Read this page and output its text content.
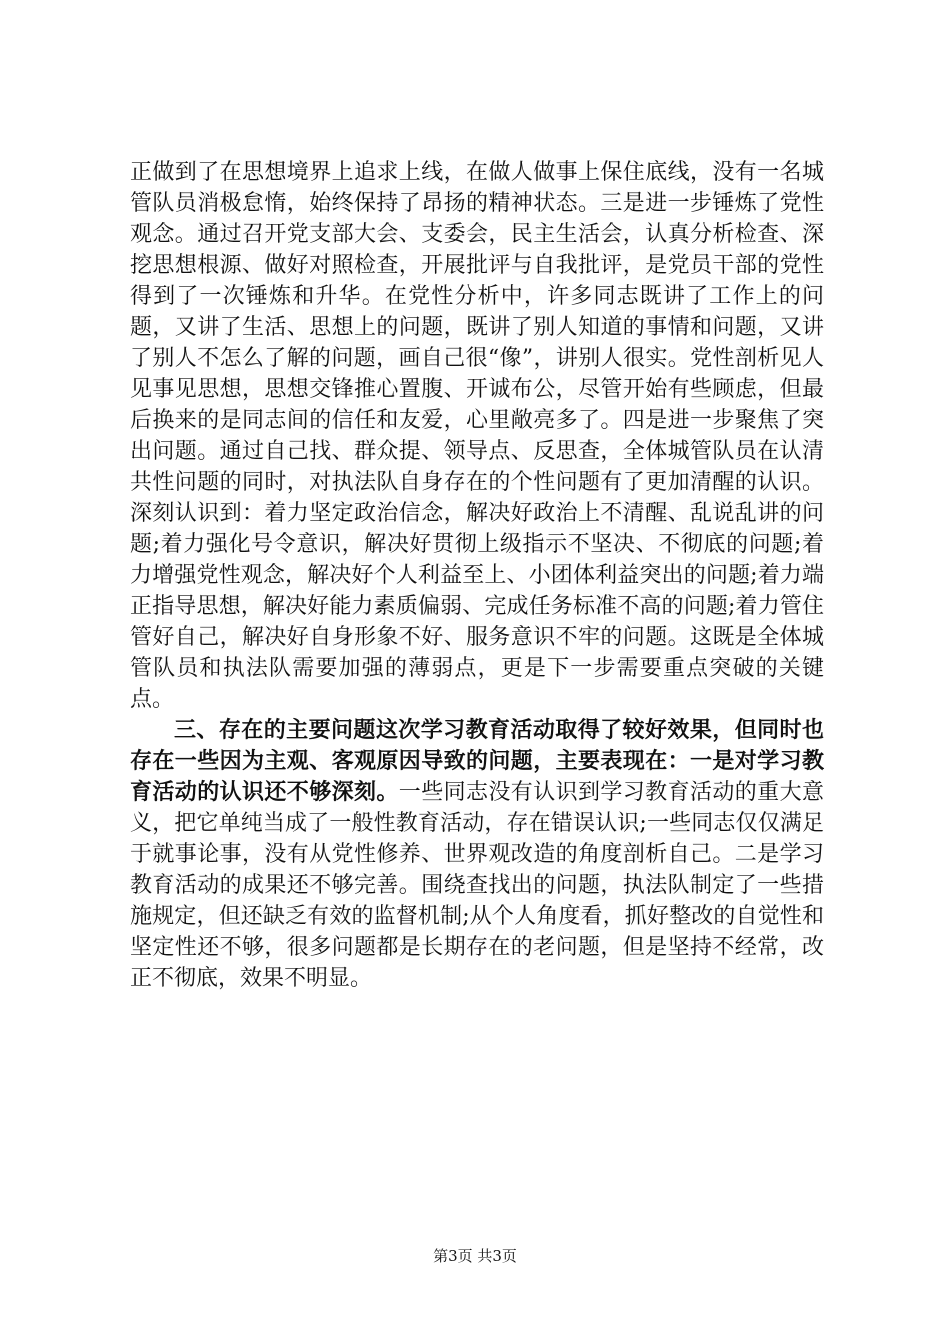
正做到了在思想境界上追求上线，在做人做事上保住底线，没有一名城管队员消极怠惰，始终保持了昂扬的精神状态。三是进一步锤炼了党性观念。通过召开党支部大会、支委会，民主生活会，认真分析检查、深挖思想根源、做好对照检查，开展批评与自我批评，是党员干部的党性得到了一次锤炼和升华。在党性分析中，许多同志既讲了工作上的问题，又讲了生活、思想上的问题，既讲了别人知道的事情和问题，又讲了别人不怎么了解的问题，画自己很“像”，讲别人很实。党性剖析见人见事见思想，思想交锋推心置腹、开诚布公，尽管开始有些顾虑，但最后换来的是同志间的信任和友爱，心里敞亮多了。四是进一步聚焦了突出问题。通过自己找、群众提、领导点、反思查，全体城管队员在认清共性问题的同时，对执法队自身存在的个性问题有了更加清醒的认识。深刻认识到：着力坚定政治信念，解决好政治上不清醒、乱说乱讲的问题;着力强化号令意识，解决好贯彻上级指示不坚决、不彻底的问题;着力增强党性观念，解决好个人利益至上、小团体利益突出的问题;着力端正指导思想，解决好能力素质偏弱、完成任务标准不高的问题;着力管住管好自己，解决好自身形象不好、服务意识不牢的问题。这既是全体城管队员和执法队需要加强的薄弱点，更是下一步需要重点突破的关键点。

三、存在的主要问题这次学习教育活动取得了较好效果，但同时也存在一些因为主观、客观原因导致的问题，主要表现在：一是对学习教育活动的认识还不够深刻。一些同志没有认识到学习教育活动的重大意义，把它单纯当成了一般性教育活动，存在错误认识;一些同志仅仅满足于就事论事，没有从党性修养、世界观改造的角度剖析自己。二是学习教育活动的成果还不够完善。围绕查找出的问题，执法队制定了一些措施规定，但还缺乏有效的监督机制;从个人角度看，抓好整改的自觉性和坚定性还不够，很多问题都是长期存在的老问题，但是坚持不经常，改正不彻底，效果不明显。

第3页 共3页
